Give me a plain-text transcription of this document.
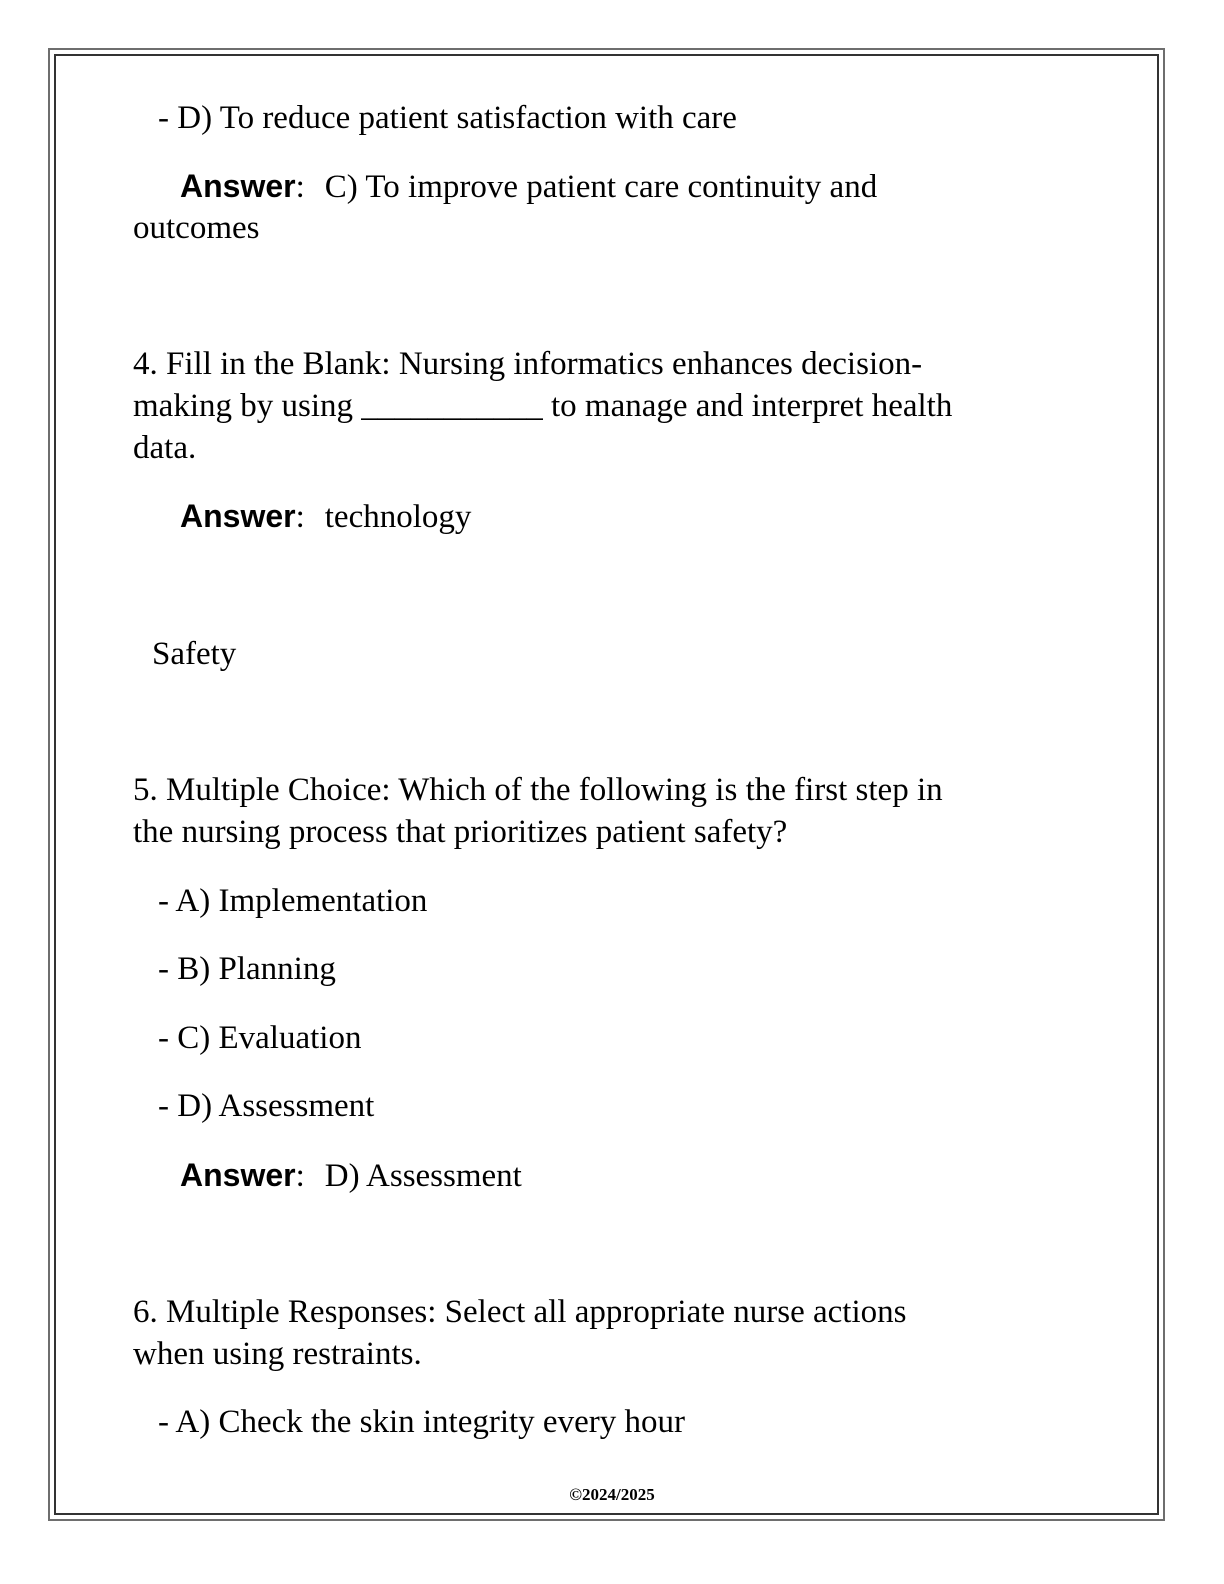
- D) To reduce patient satisfaction with care

Answer: C) To improve patient care continuity and

outcomes

4. Fill in the Blank: Nursing informatics enhances decision-

making by using ___________ to manage and interpret health

data.

Answer: technology

Safety

5. Multiple Choice: Which of the following is the first step in

the nursing process that prioritizes patient safety?

- A) Implementation

- B) Planning

- C) Evaluation

- D) Assessment

Answer: D) Assessment

6. Multiple Responses: Select all appropriate nurse actions

when using restraints.

- A) Check the skin integrity every hour

©2024/2025
